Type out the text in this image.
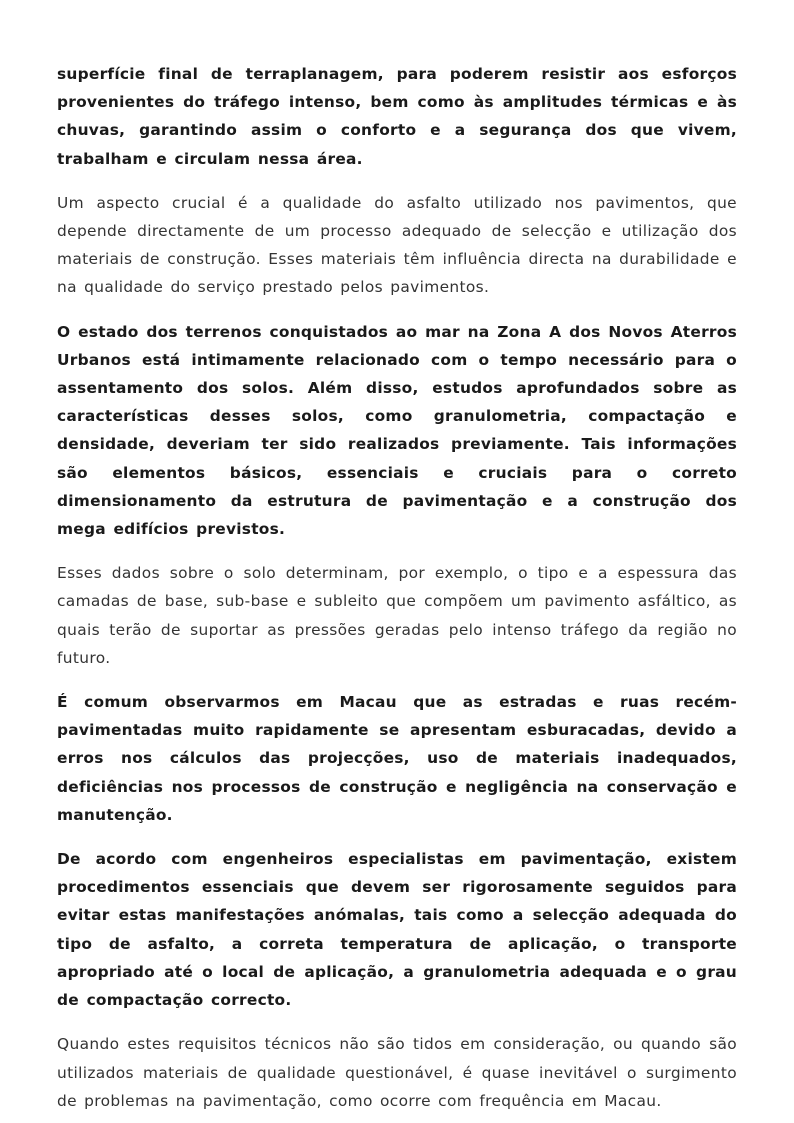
superfície final de terraplanagem, para poderem resistir aos esforços provenientes do tráfego intenso, bem como às amplitudes térmicas e às chuvas, garantindo assim o conforto e a segurança dos que vivem, trabalham e circulam nessa área.

Um aspecto crucial é a qualidade do asfalto utilizado nos pavimentos, que depende directamente de um processo adequado de selecção e utilização dos materiais de construção. Esses materiais têm influência directa na durabilidade e na qualidade do serviço prestado pelos pavimentos.

O estado dos terrenos conquistados ao mar na Zona A dos Novos Aterros Urbanos está intimamente relacionado com o tempo necessário para o assentamento dos solos. Além disso, estudos aprofundados sobre as características desses solos, como granulometria, compactação e densidade, deveriam ter sido realizados previamente. Tais informações são elementos básicos, essenciais e cruciais para o correto dimensionamento da estrutura de pavimentação e a construção dos mega edifícios previstos.

Esses dados sobre o solo determinam, por exemplo, o tipo e a espessura das camadas de base, sub-base e subleito que compõem um pavimento asfáltico, as quais terão de suportar as pressões geradas pelo intenso tráfego da região no futuro.

É comum observarmos em Macau que as estradas e ruas recém-pavimentadas muito rapidamente se apresentam esburacadas, devido a erros nos cálculos das projecções, uso de materiais inadequados, deficiências nos processos de construção e negligência na conservação e manutenção.

De acordo com engenheiros especialistas em pavimentação, existem procedimentos essenciais que devem ser rigorosamente seguidos para evitar estas manifestações anómalas, tais como a selecção adequada do tipo de asfalto, a correta temperatura de aplicação, o transporte apropriado até o local de aplicação, a granulometria adequada e o grau de compactação correcto.

Quando estes requisitos técnicos não são tidos em consideração, ou quando são utilizados materiais de qualidade questionável, é quase inevitável o surgimento de problemas na pavimentação, como ocorre com frequência em Macau.
